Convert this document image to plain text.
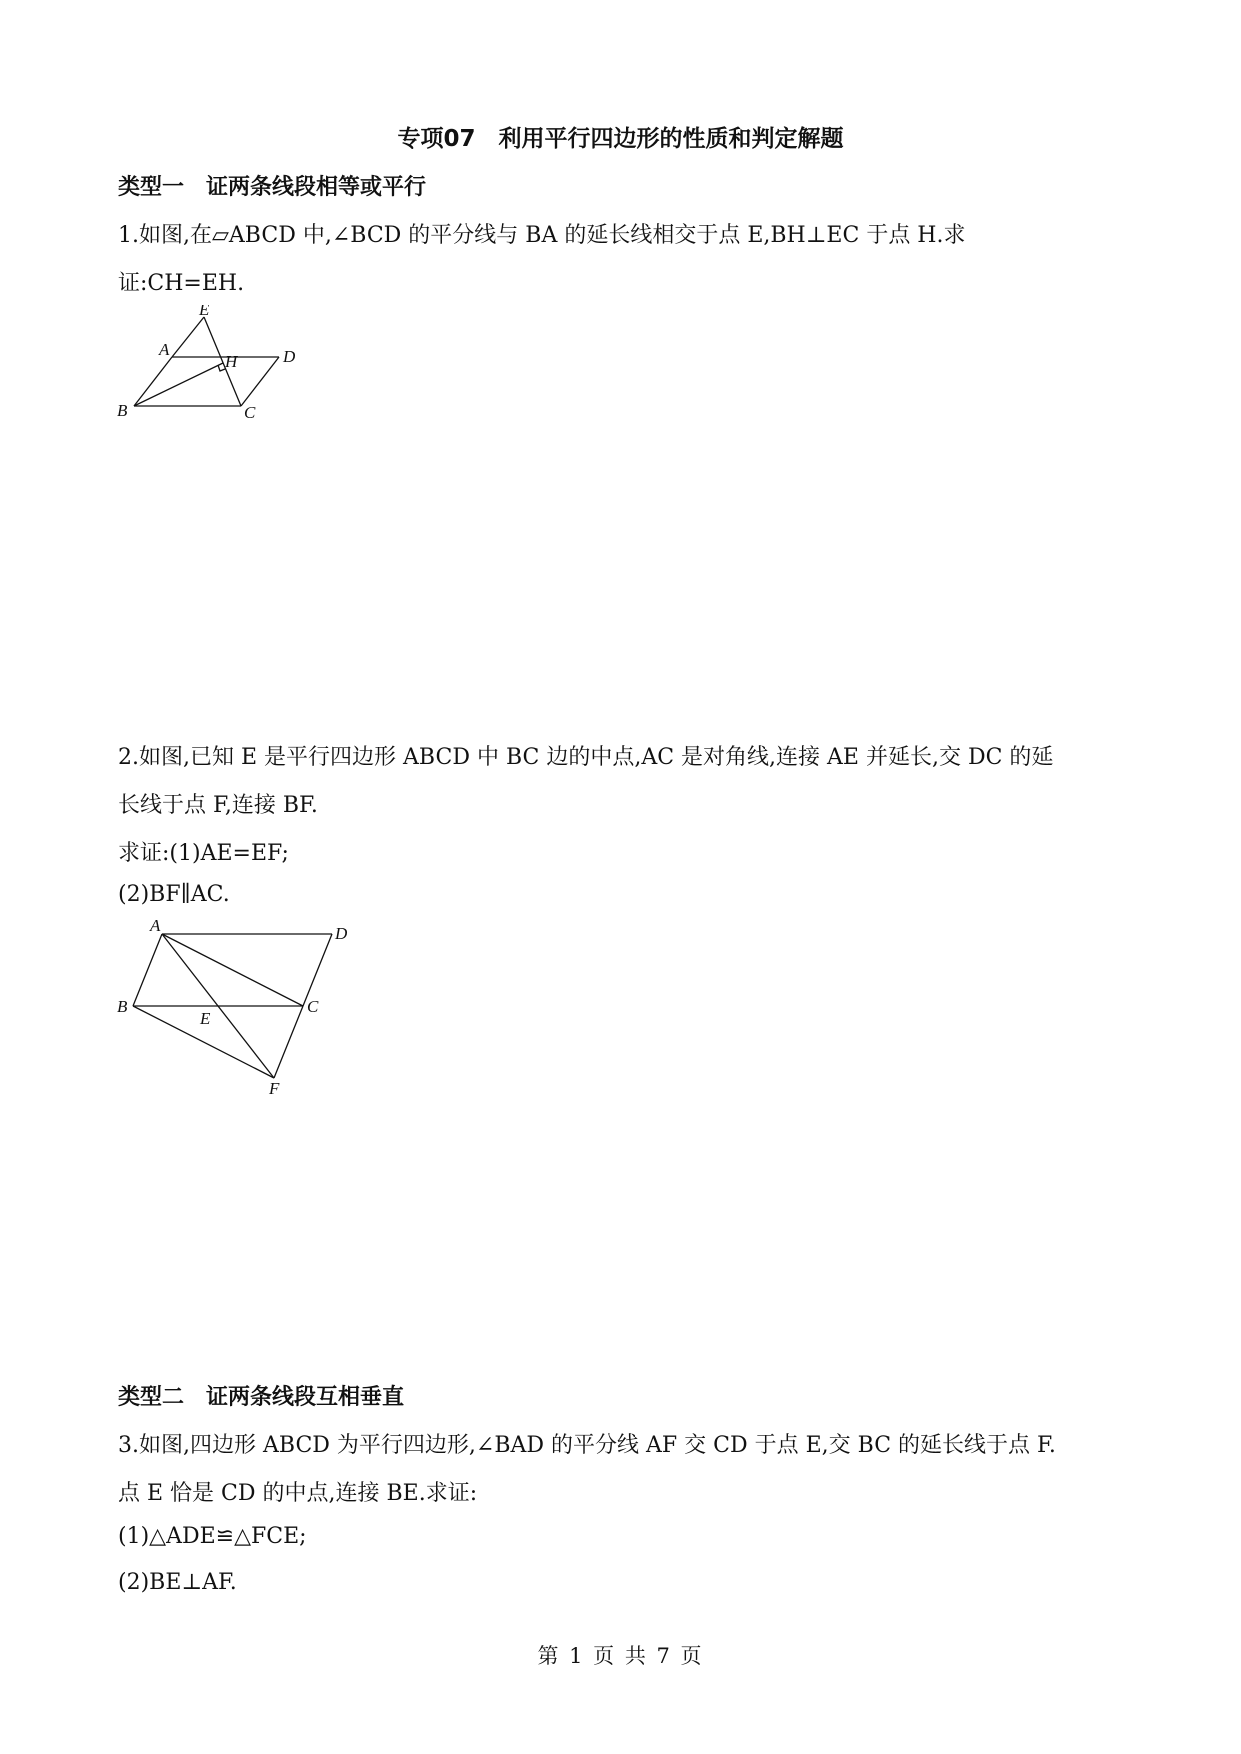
专项07　利用平行四边形的性质和判定解题
类型一　证两条线段相等或平行
1.如图,在▱ABCD 中,∠BCD 的平分线与 BA 的延长线相交于点 E,BH⊥EC 于点 H.求
证:CH=EH.
E
A
H	D
B	C
2.如图,已知 E 是平行四边形 ABCD 中 BC 边的中点,AC 是对角线,连接 AE 并延长,交 DC 的延
长线于点 F,连接 BF.
求证:(1)AE=EF;
(2)BF∥AC.
A	D
B
E
C
F
类型二　证两条线段互相垂直
3.如图,四边形 ABCD 为平行四边形,∠BAD 的平分线 AF 交 CD 于点 E,交 BC 的延长线于点 F.
点 E 恰是 CD 的中点,连接 BE.求证:
(1)△ADE≌△FCE;
(2)BE⊥AF.
第 1 页 共 7 页
